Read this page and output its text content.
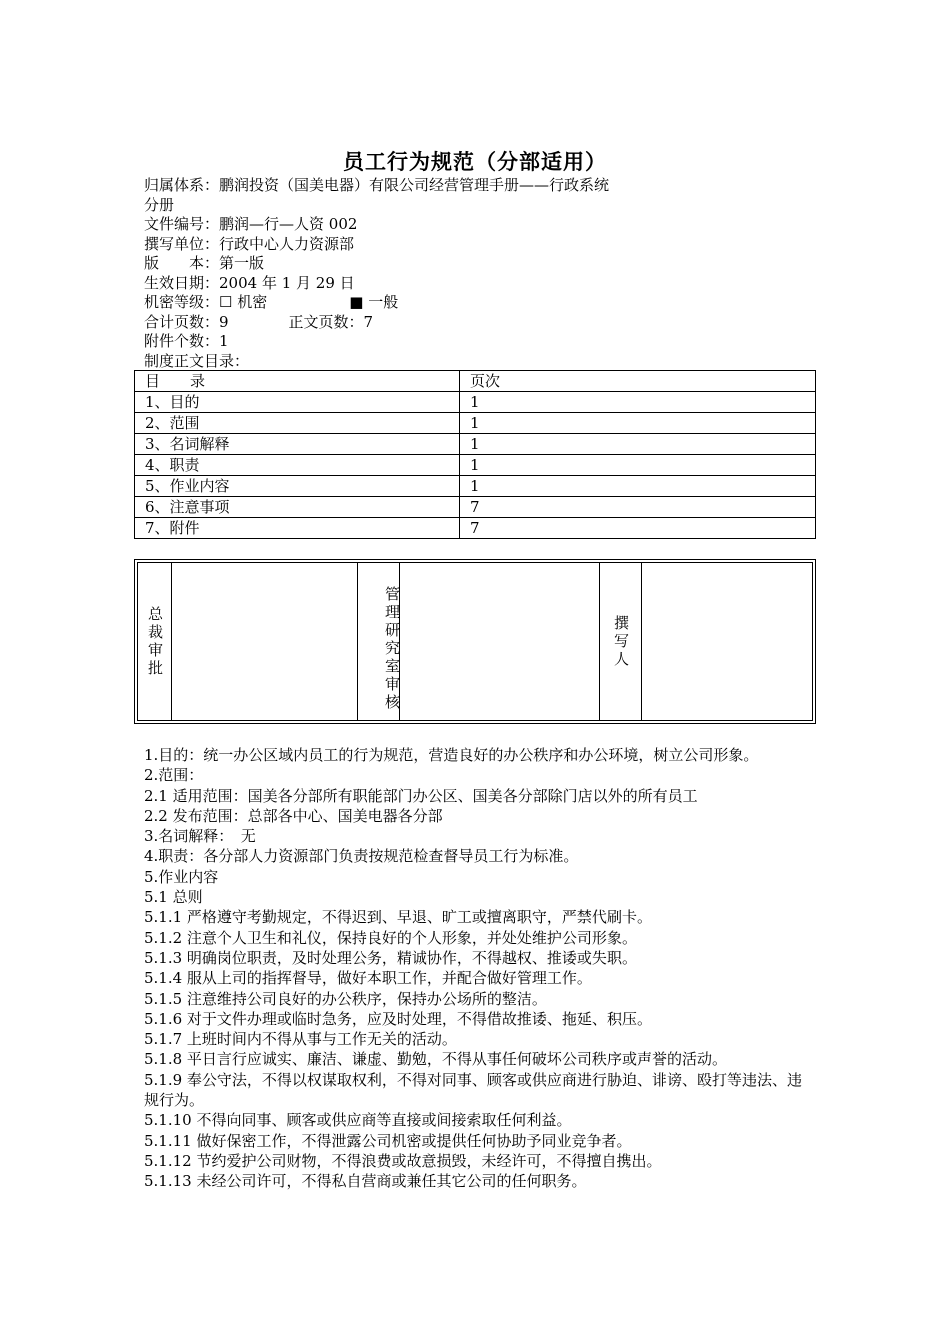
员工行为规范（分部适用）
归属体系：鹏润投资（国美电器）有限公司经营管理手册——行政系统
分册
文件编号：鹏润—行—人资 002
撰写单位：行政中心人力资源部
版　　本：第一版
生效日期：2004 年 1 月 29 日
机密等级：☐ 机密	■ 一般
合计页数：9	正文页数：7
附件个数：1
制度正文目录：
目　　录	页次
1、目的	1
2、范围	1
3、名词解释	1
4、职责	1
5、作业内容	1
6、注意事项	7
7、附件	7
总裁审批	管理研究室审核	撰写人

1.目的：统一办公区域内员工的行为规范，营造良好的办公秩序和办公环境，树立公司形象。

2.范围：

2.1 适用范围：国美各分部所有职能部门办公区、国美各分部除门店以外的所有员工

2.2 发布范围：总部各中心、国美电器各分部

3.名词解释：　无

4.职责：各分部人力资源部门负责按规范检查督导员工行为标准。

5.作业内容

5.1 总则

5.1.1 严格遵守考勤规定，不得迟到、早退、旷工或擅离职守，严禁代刷卡。

5.1.2 注意个人卫生和礼仪，保持良好的个人形象，并处处维护公司形象。

5.1.3 明确岗位职责，及时处理公务，精诚协作，不得越权、推诿或失职。

5.1.4 服从上司的指挥督导，做好本职工作，并配合做好管理工作。

5.1.5 注意维持公司良好的办公秩序，保持办公场所的整洁。

5.1.6 对于文件办理或临时急务，应及时处理，不得借故推诿、拖延、积压。

5.1.7 上班时间内不得从事与工作无关的活动。

5.1.8 平日言行应诚实、廉洁、谦虚、勤勉，不得从事任何破坏公司秩序或声誉的活动。

5.1.9 奉公守法，不得以权谋取权利，不得对同事、顾客或供应商进行胁迫、诽谤、殴打等违法、违规行为。

5.1.10 不得向同事、顾客或供应商等直接或间接索取任何利益。

5.1.11 做好保密工作，不得泄露公司机密或提供任何协助予同业竞争者。

5.1.12 节约爱护公司财物，不得浪费或故意损毁，未经许可，不得擅自携出。

5.1.13 未经公司许可，不得私自营商或兼任其它公司的任何职务。
